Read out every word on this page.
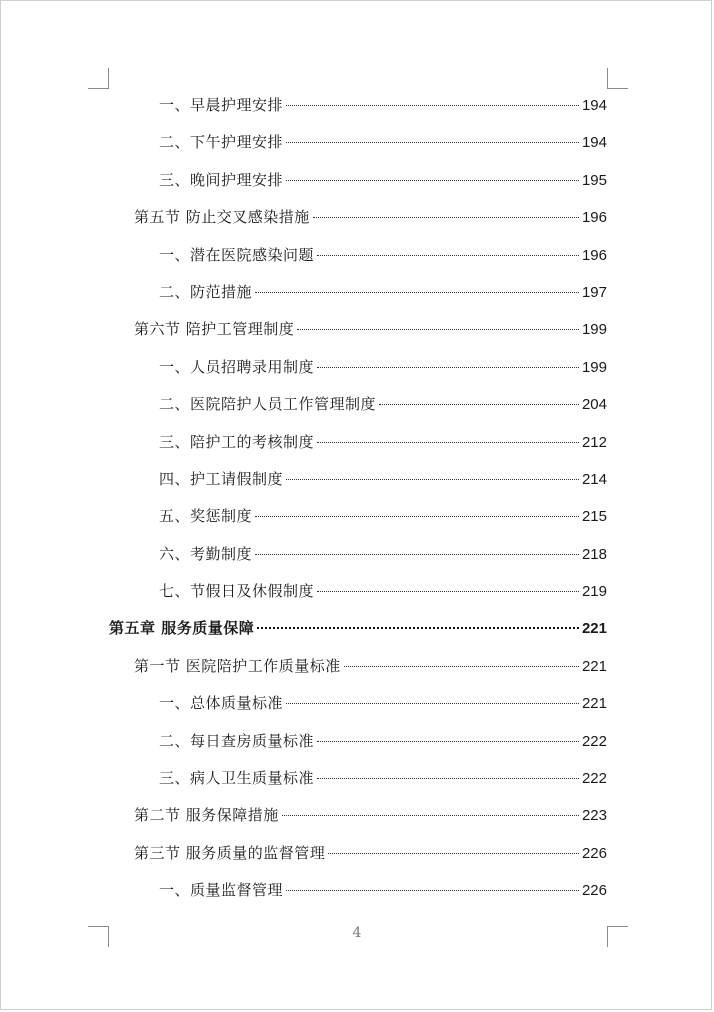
一、早晨护理安排	194
二、下午护理安排	194
三、晚间护理安排	195
第五节 防止交叉感染措施	196
一、潜在医院感染问题	196
二、防范措施	197
第六节 陪护工管理制度	199
一、人员招聘录用制度	199
二、医院陪护人员工作管理制度	204
三、陪护工的考核制度	212
四、护工请假制度	214
五、奖惩制度	215
六、考勤制度	218
七、节假日及休假制度	219
第五章 服务质量保障	221
第一节 医院陪护工作质量标准	221
一、总体质量标准	221
二、每日查房质量标准	222
三、病人卫生质量标准	222
第二节 服务保障措施	223
第三节 服务质量的监督管理	226
一、质量监督管理	226
4
